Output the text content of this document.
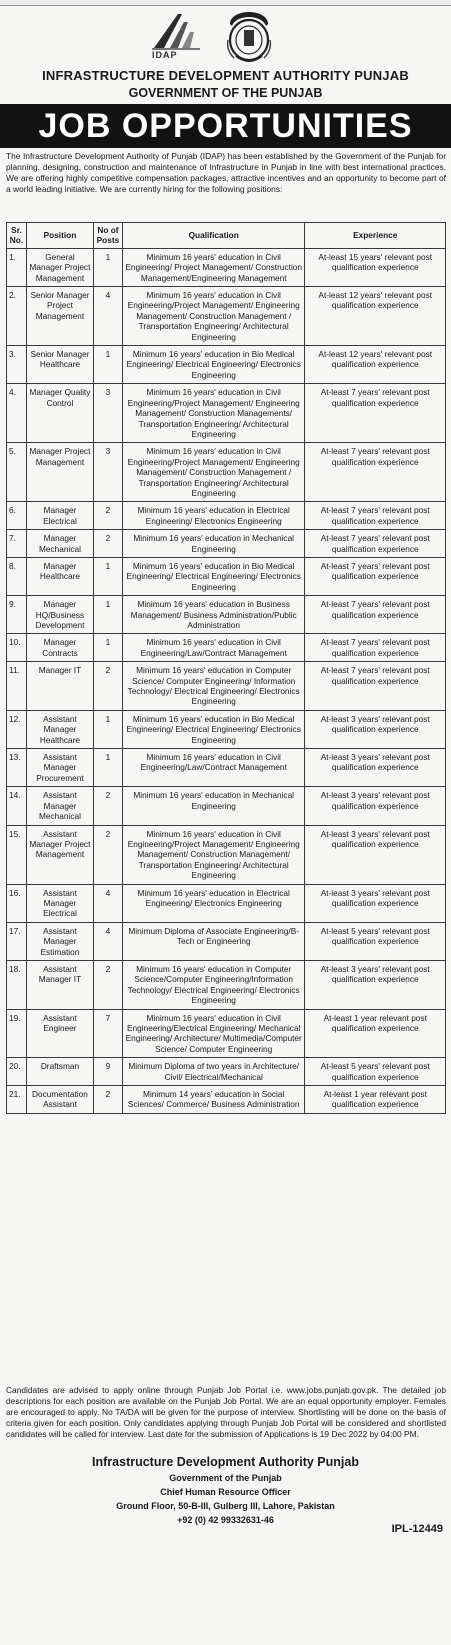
IDAP
INFRASTRUCTURE DEVELOPMENT AUTHORITY PUNJAB
GOVERNMENT OF THE PUNJAB
JOB OPPORTUNITIES

The Infrastructure Development Authority of Punjab (IDAP) has been established by the Government of the Punjab for planning, designing, construction and maintenance of Infrastructure in Punjab in line with best international practices. We are offering highly competitive compensation packages, attractive incentives and an opportunity to become part of a world leading initiative. We are currently hiring for the following positions:

Sr. No.	Position	No of Posts	Qualification	Experience
1.	General Manager Project Management	1	Minimum 16 years' education in Civil Engineering/ Project Management/ Construction Management/Engineering Management	At-least 15 years' relevant post qualification experience
2.	Senior Manager Project Management	4	Minimum 16 years' education in Civil Engineering/Project Management/ Engineering Management/ Construction Management / Transportation Engineering/ Architectural Engineering	At-least 12 years' relevant post qualification experience
3.	Senior Manager Healthcare	1	Minimum 16 years' education in Bio Medical Engineering/ Electrical Engineering/ Electronics Engineering	At-least 12 years' relevant post qualification experience
4.	Manager Quality Control	3	Minimum 16 years' education in Civil Engineering/Project Management/ Engineering Management/ Construction Managements/ Transportation Engineering/ Architectural Engineering	At-least 7 years' relevant post qualification experience
5.	Manager Project Management	3	Minimum 16 years' education in Civil Engineering/Project Management/ Engineering Management/ Construction Management / Transportation Engineering/ Architectural Engineering	At-least 7 years' relevant post qualification experience
6.	Manager Electrical	2	Minimum 16 years' education in Electrical Engineering/ Electronics Engineering	At-least 7 years' relevant post qualification experience
7.	Manager Mechanical	2	Minimum 16 years' education in Mechanical Engineering	At-least 7 years' relevant post qualification experience
8.	Manager Healthcare	1	Minimum 16 years' education in Bio Medical Engineering/ Electrical Engineering/ Electronics Engineering	At-least 7 years' relevant post qualification experience
9.	Manager HQ/Business Development	1	Minimum 16 years' education in Business Management/ Business Administration/Public Administration	At-least 7 years' relevant post qualification experience
10.	Manager Contracts	1	Minimum 16 years' education in Civil Engineering/Law/Contract Management	At-least 7 years' relevant post qualification experience
11.	Manager IT	2	Minimum 16 years' education in Computer Science/ Computer Engineering/ Information Technology/ Electrical Engineering/ Electronics Engineering	At-least 7 years' relevant post qualification experience
12.	Assistant Manager Healthcare	1	Minimum 16 years' education in Bio Medical Engineering/ Electrical Engineering/ Electronics Engineering	At-least 3 years' relevant post qualification experience
13.	Assistant Manager Procurement	1	Minimum 16 years' education in Civil Engineering/Law/Contract Management	At-least 3 years' relevant post qualification experience
14.	Assistant Manager Mechanical	2	Minimum 16 years' education in Mechanical Engineering	At-least 3 years' relevant post qualification experience
15.	Assistant Manager Project Management	2	Minimum 16 years' education in Civil Engineering/Project Management/ Engineering Management/ Construction Management/ Transportation Engineering/ Architectural Engineering	At-least 3 years' relevant post qualification experience
16.	Assistant Manager Electrical	4	Minimum 16 years' education in Electrical Engineering/ Electronics Engineering	At-least 3 years' relevant post qualification experience
17.	Assistant Manager Estimation	4	Minimum Diploma of Associate Engineering/B-Tech or Engineering	At-least 5 years' relevant post qualification experience
18.	Assistant Manager IT	2	Minimum 16 years' education in Computer Science/Computer Engineering/Information Technology/ Electrical Engineering/ Electronics Engineering	At-least 3 years' relevant post qualification experience
19.	Assistant Engineer	7	Minimum 16 years' education in Civil Engineering/Electrical Engineering/ Mechanical Engineering/ Architecture/ Multimedia/Computer Science/ Computer Engineering	At-least 1 year relevant post qualification experience
20.	Draftsman	9	Minimum Diploma of two years in Architecture/ Civil/ Electrical/Mechanical	At-least 5 years' relevant post qualification experience
21.	Documentation Assistant	2	Minimum 14 years' education in Social Sciences/ Commerce/ Business Administration	At-least 1 year relevant post qualification experience

Candidates are advised to apply online through Punjab Job Portal i.e. www.jobs.punjab.gov.pk. The detailed job descriptions for each position are available on the Punjab Job Portal. We are an equal opportunity employer. Females are encouraged to apply. No TA/DA will be given for the purpose of interview. Shortlisting will be done on the basis of criteria given for each position. Only candidates applying through Punjab Job Portal will be considered and shortlisted candidates will be called for interview. Last date for the submission of Applications is 19 Dec 2022 by 04:00 PM.

Infrastructure Development Authority Punjab
Government of the Punjab
Chief Human Resource Officer
Ground Floor, 50-B-III, Gulberg III, Lahore, Pakistan
+92 (0) 42 99332631-46
IPL-12449
